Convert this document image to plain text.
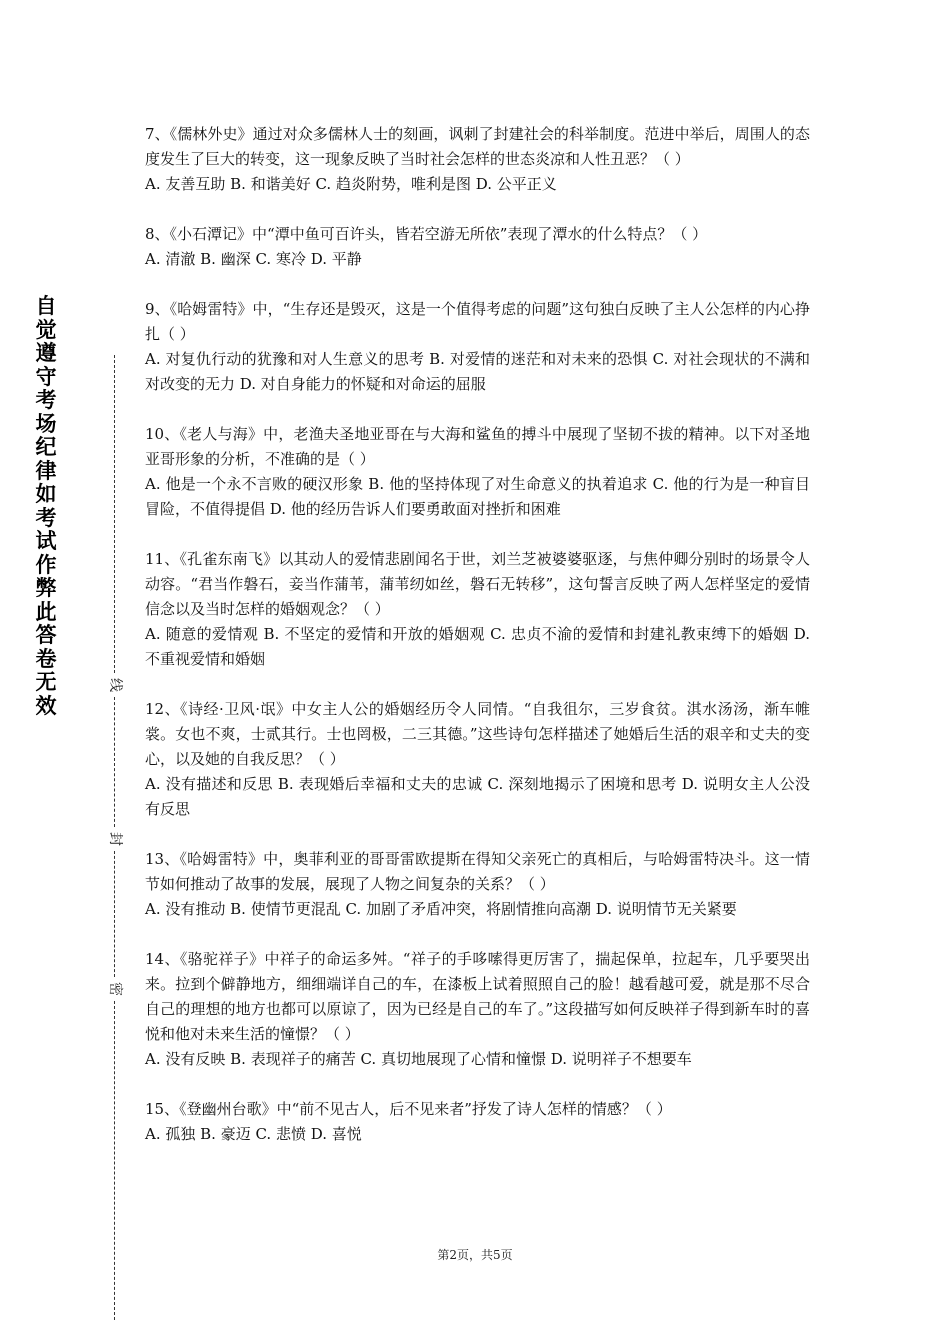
自觉遵守考场纪律如考试作弊此答卷无效
线
封
密

7、《儒林外史》通过对众多儒林人士的刻画，讽刺了封建社会的科举制度。范进中举后，周围人的态度发生了巨大的转变，这一现象反映了当时社会怎样的世态炎凉和人性丑恶？（ ）

A. 友善互助 B. 和谐美好 C. 趋炎附势，唯利是图 D. 公平正义

8、《小石潭记》中“潭中鱼可百许头，皆若空游无所依”表现了潭水的什么特点？（ ）

A. 清澈 B. 幽深 C. 寒冷 D. 平静

9、《哈姆雷特》中，“生存还是毁灭，这是一个值得考虑的问题”这句独白反映了主人公怎样的内心挣扎（ ）

A. 对复仇行动的犹豫和对人生意义的思考 B. 对爱情的迷茫和对未来的恐惧 C. 对社会现状的不满和对改变的无力 D. 对自身能力的怀疑和对命运的屈服

10、《老人与海》中，老渔夫圣地亚哥在与大海和鲨鱼的搏斗中展现了坚韧不拔的精神。以下对圣地亚哥形象的分析，不准确的是（ ）

A. 他是一个永不言败的硬汉形象 B. 他的坚持体现了对生命意义的执着追求 C. 他的行为是一种盲目冒险，不值得提倡 D. 他的经历告诉人们要勇敢面对挫折和困难

11、《孔雀东南飞》以其动人的爱情悲剧闻名于世，刘兰芝被婆婆驱逐，与焦仲卿分别时的场景令人动容。“君当作磐石，妾当作蒲苇，蒲苇纫如丝，磐石无转移”，这句誓言反映了两人怎样坚定的爱情信念以及当时怎样的婚姻观念？（ ）

A. 随意的爱情观 B. 不坚定的爱情和开放的婚姻观 C. 忠贞不渝的爱情和封建礼教束缚下的婚姻 D. 不重视爱情和婚姻

12、《诗经·卫风·氓》中女主人公的婚姻经历令人同情。“自我徂尔，三岁食贫。淇水汤汤，渐车帷裳。女也不爽，士贰其行。士也罔极，二三其德。”这些诗句怎样描述了她婚后生活的艰辛和丈夫的变心，以及她的自我反思？（ ）

A. 没有描述和反思 B. 表现婚后幸福和丈夫的忠诚 C. 深刻地揭示了困境和思考 D. 说明女主人公没有反思

13、《哈姆雷特》中，奥菲利亚的哥哥雷欧提斯在得知父亲死亡的真相后，与哈姆雷特决斗。这一情节如何推动了故事的发展，展现了人物之间复杂的关系？（ ）

A. 没有推动 B. 使情节更混乱 C. 加剧了矛盾冲突，将剧情推向高潮 D. 说明情节无关紧要

14、《骆驼祥子》中祥子的命运多舛。“祥子的手哆嗦得更厉害了，揣起保单，拉起车，几乎要哭出来。拉到个僻静地方，细细端详自己的车，在漆板上试着照照自己的脸！越看越可爱，就是那不尽合自己的理想的地方也都可以原谅了，因为已经是自己的车了。”这段描写如何反映祥子得到新车时的喜悦和他对未来生活的憧憬？（ ）

A. 没有反映 B. 表现祥子的痛苦 C. 真切地展现了心情和憧憬 D. 说明祥子不想要车

15、《登幽州台歌》中“前不见古人，后不见来者”抒发了诗人怎样的情感？（ ）

A. 孤独 B. 豪迈 C. 悲愤 D. 喜悦

第2页，共5页
